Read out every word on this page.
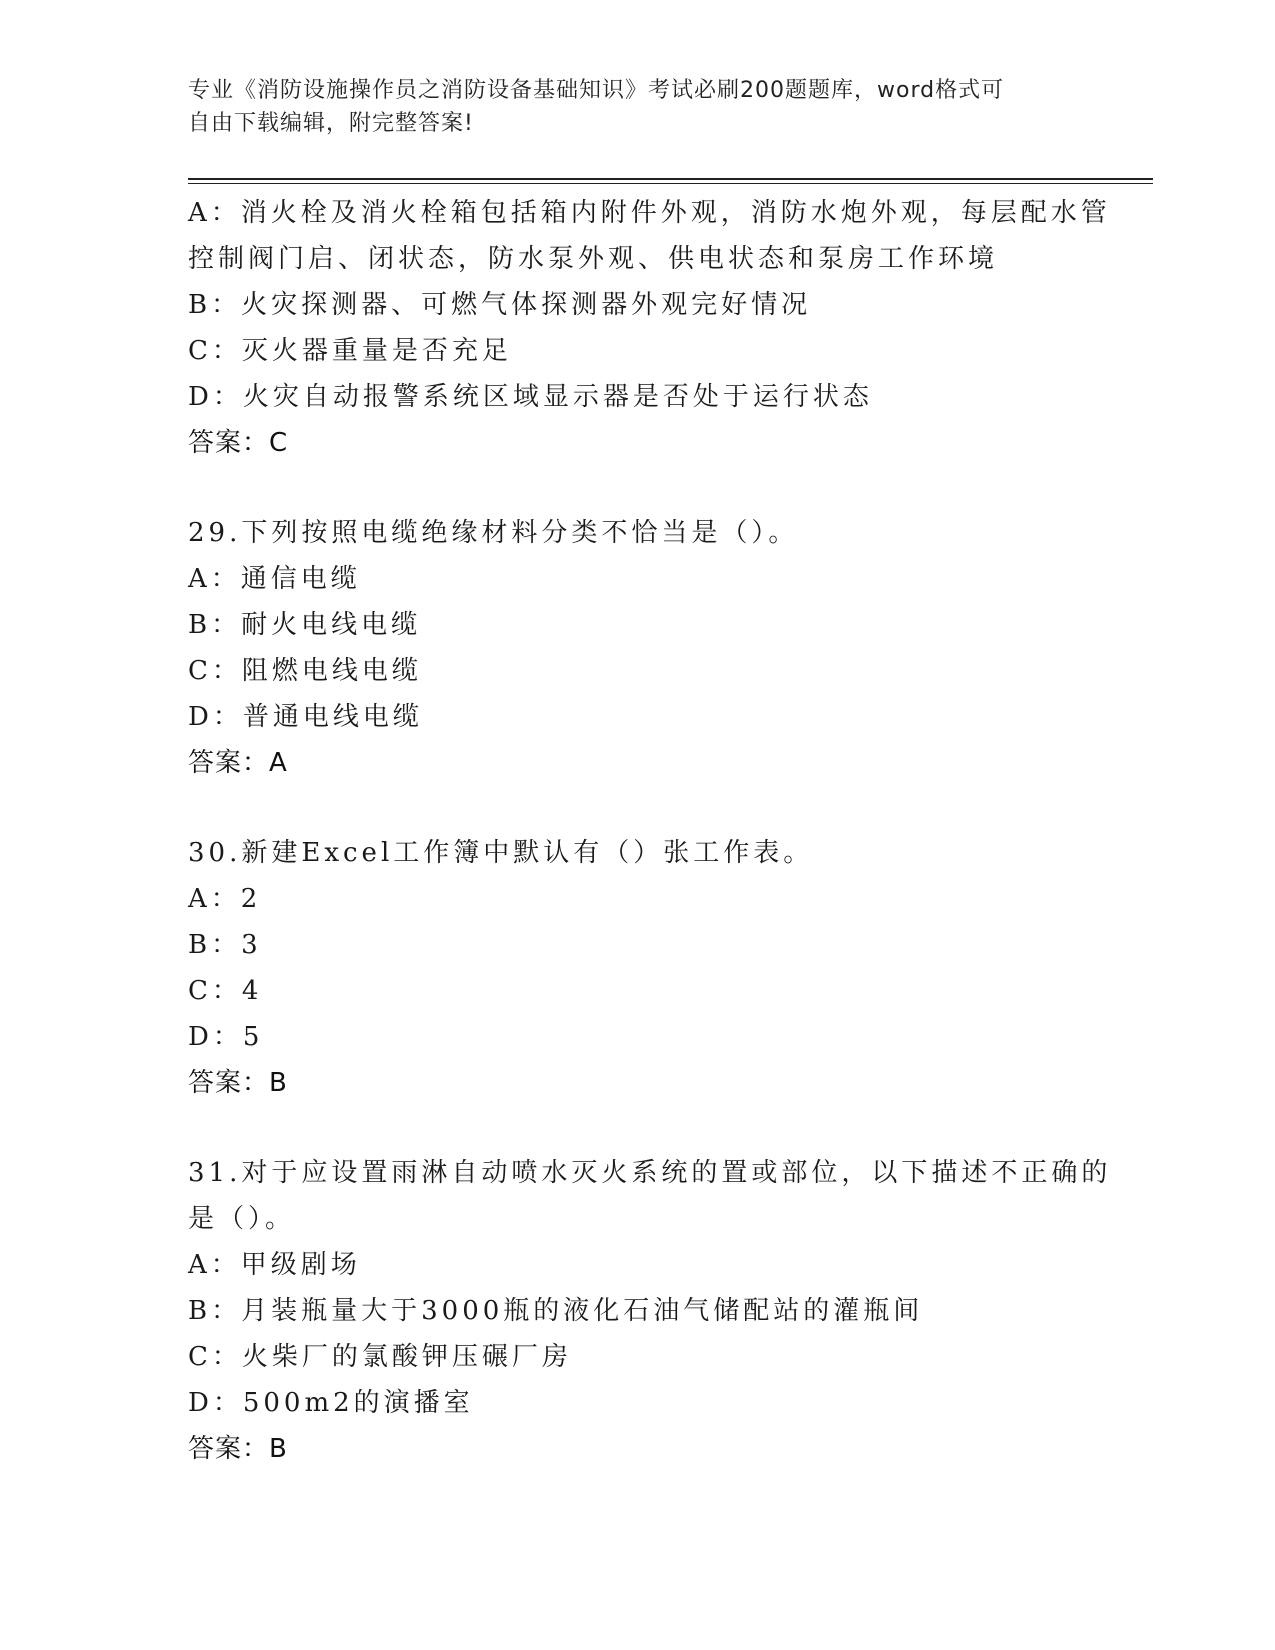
专业《消防设施操作员之消防设备基础知识》考试必刷200题题库，word格式可
自由下载编辑，附完整答案!
A：消火栓及消火栓箱包括箱内附件外观，消防水炮外观，每层配水管
控制阀门启、闭状态，防水泵外观、供电状态和泵房工作环境
B：火灾探测器、可燃气体探测器外观完好情况
C：灭火器重量是否充足
D：火灾自动报警系统区域显示器是否处于运行状态
答案：C
29.下列按照电缆绝缘材料分类不恰当是（）。
A：通信电缆
B：耐火电线电缆
C：阻燃电线电缆
D：普通电线电缆
答案：A
30.新建Excel工作簿中默认有（）张工作表。
A：2
B：3
C：4
D：5
答案：B
31.对于应设置雨淋自动喷水灭火系统的置或部位，以下描述不正确的
是（）。
A：甲级剧场
B：月装瓶量大于3000瓶的液化石油气储配站的灌瓶间
C：火柴厂的氯酸钾压碾厂房
D：500m2的演播室
答案：B
